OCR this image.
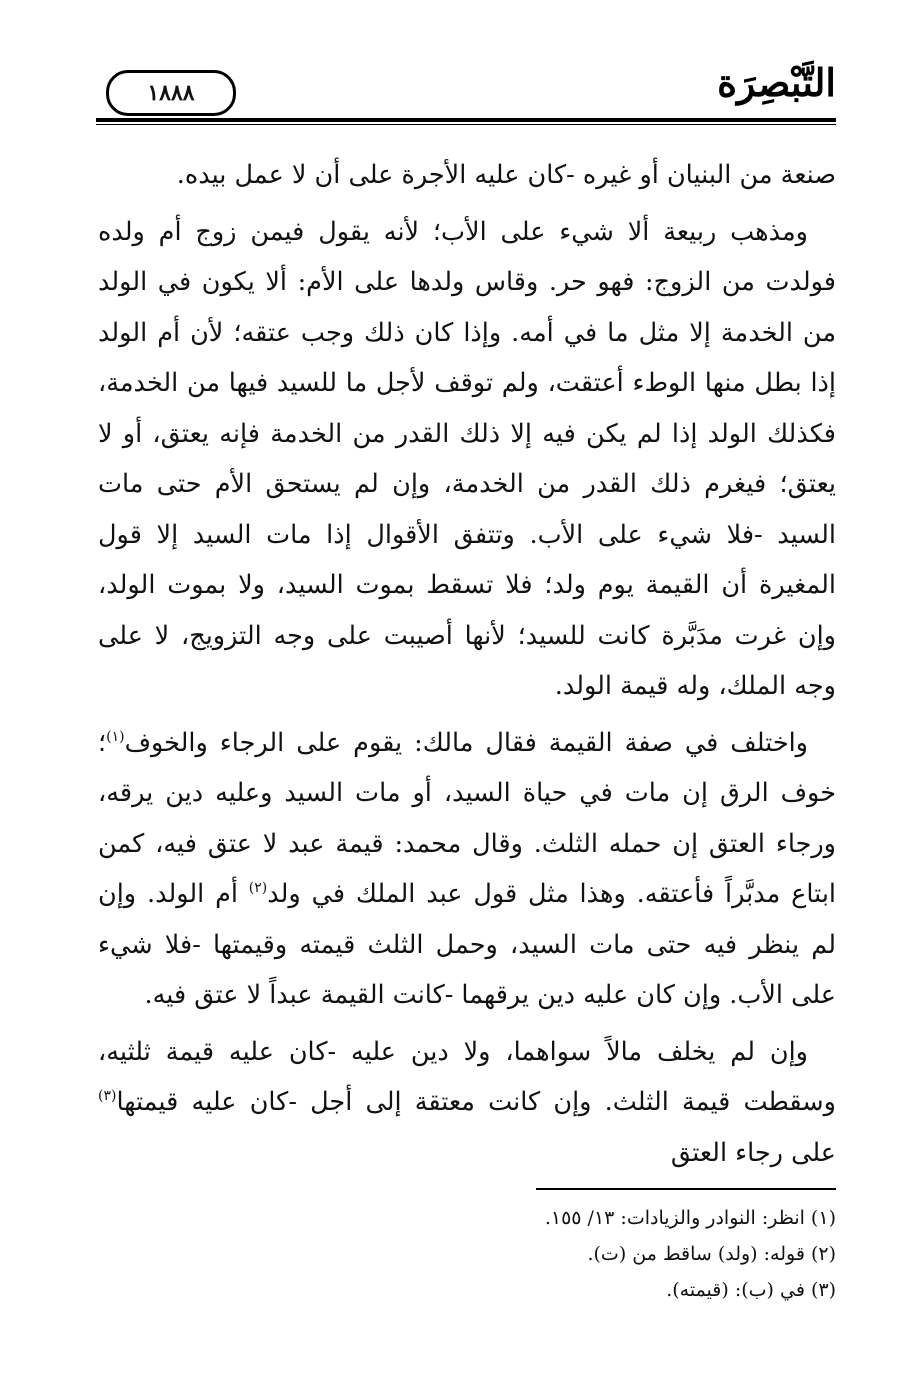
التَّبْصِرَة
١٨٨٨

صنعة من البنيان أو غيره -كان عليه الأجرة على أن لا عمل بيده.

ومذهب ربيعة ألا شيء على الأب؛ لأنه يقول فيمن زوج أم ولده فولدت من الزوج: فهو حر. وقاس ولدها على الأم: ألا يكون في الولد من الخدمة إلا مثل ما في أمه. وإذا كان ذلك وجب عتقه؛ لأن أم الولد إذا بطل منها الوطء أعتقت، ولم توقف لأجل ما للسيد فيها من الخدمة، فكذلك الولد إذا لم يكن فيه إلا ذلك القدر من الخدمة فإنه يعتق، أو لا يعتق؛ فيغرم ذلك القدر من الخدمة، وإن لم يستحق الأم حتى مات السيد -فلا شيء على الأب. وتتفق الأقوال إذا مات السيد إلا قول المغيرة أن القيمة يوم ولد؛ فلا تسقط بموت السيد، ولا بموت الولد، وإن غرت مدَبَّرة كانت للسيد؛ لأنها أصيبت على وجه التزويج، لا على وجه الملك، وله قيمة الولد.

واختلف في صفة القيمة فقال مالك: يقوم على الرجاء والخوف$^{(١)}$؛ خوف الرق إن مات في حياة السيد، أو مات السيد وعليه دين يرقه، ورجاء العتق إن حمله الثلث. وقال محمد: قيمة عبد لا عتق فيه، كمن ابتاع مدبَّراً فأعتقه. وهذا مثل قول عبد الملك في ولد$^{(٢)}$ أم الولد. وإن لم ينظر فيه حتى مات السيد، وحمل الثلث قيمته وقيمتها -فلا شيء على الأب. وإن كان عليه دين يرقهما -كانت القيمة عبداً لا عتق فيه.

وإن لم يخلف مالاً سواهما، ولا دين عليه -كان عليه قيمة ثلثيه، وسقطت قيمة الثلث. وإن كانت معتقة إلى أجل -كان عليه قيمتها$^{(٣)}$ على رجاء العتق

(١) انظر: النوادر والزيادات: ١٣/ ١٥٥.

(٢) قوله: (ولد) ساقط من (ت).

(٣) في (ب): (قيمته).
